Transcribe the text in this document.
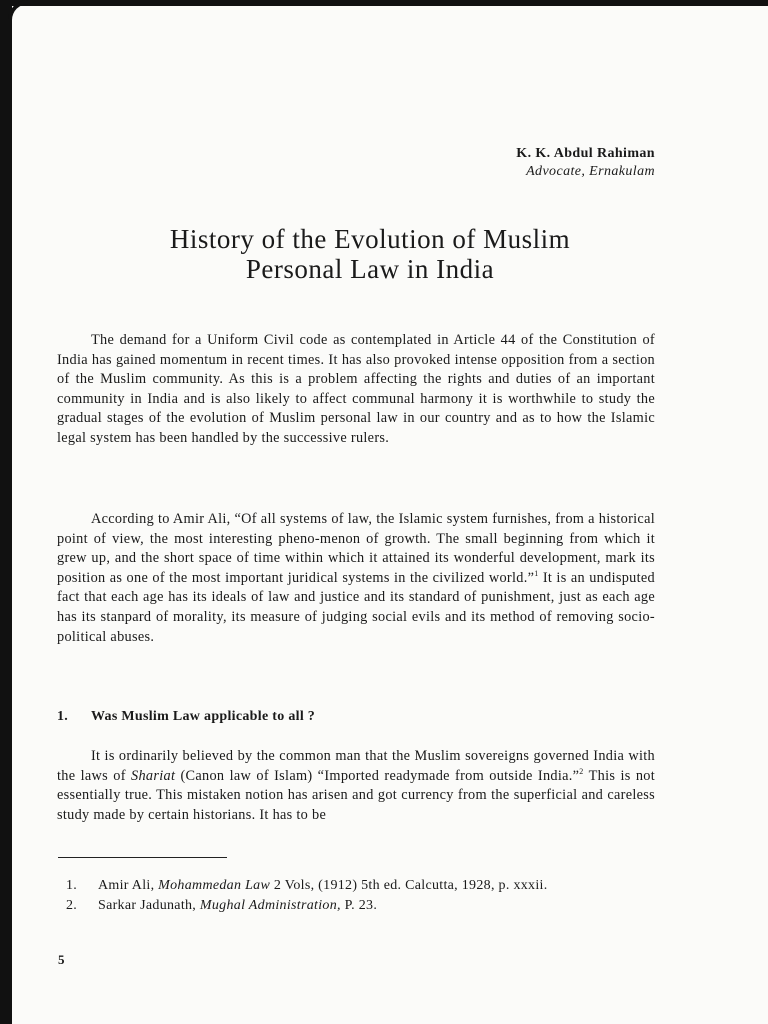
K. K. Abdul Rahiman
Advocate, Ernakulam
History of the Evolution of Muslim
Personal Law in India

The demand for a Uniform Civil code as contemplated in Article 44 of the Constitution of India has gained momentum in recent times. It has also provoked intense opposition from a section of the Muslim community. As this is a problem affecting the rights and duties of an important community in India and is also likely to affect communal harmony it is worthwhile to study the gradual stages of the evolution of Muslim personal law in our country and as to how the Islamic legal system has been handled by the successive rulers.

According to Amir Ali, “Of all systems of law, the Islamic system furnishes, from a historical point of view, the most interesting pheno-menon of growth. The small beginning from which it grew up, and the short space of time within which it attained its wonderful development, mark its position as one of the most important juridical systems in the civilized world.”$^1$ It is an undisputed fact that each age has its ideals of law and justice and its standard of punishment, just as each age has its stanpard of morality, its measure of judging social evils and its method of removing socio-political abuses.

1. Was Muslim Law applicable to all ?

It is ordinarily believed by the common man that the Muslim sovereigns governed India with the laws of Shariat (Canon law of Islam) “Imported readymade from outside India.”$^2$ This is not essentially true. This mistaken notion has arisen and got currency from the superficial and careless study made by certain historians. It has to be

1.	Amir Ali, Mohammedan Law 2 Vols, (1912) 5th ed. Calcutta, 1928, p. xxxii.
2.	Sarkar Jadunath, Mughal Administration, P. 23.
5
